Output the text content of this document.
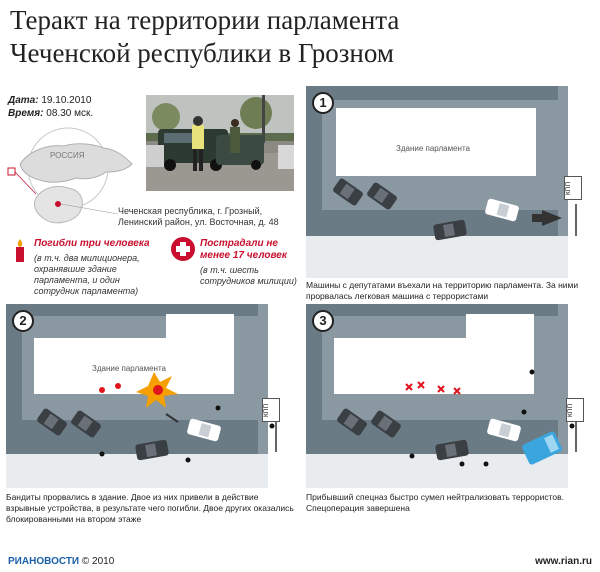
Теракт на территории парламента
Чеченской республики в Грозном
Дата: 19.10.2010
Время: 08.30 мск.
РОССИЯ
Чеченская республика, г. Грозный, Ленинский район, ул. Восточная, д. 48
Погибли три человека
(в т.ч. два милиционера, охранявшие здание парламента, и один сотрудник парламента)
Пострадали не менее 17 человек
(в т.ч. шесть сотрудников милиции)
1
Здание парламента
КПП
Машины с депутатами въехали на территорию парламента. За ними прорвалась легковая машина с террористами
2
Здание парламента
КПП
Бандиты прорвались в здание. Двое из них привели в действие взрывные устройства, в результате чего погибли. Двое других оказались блокированными на втором этаже
3
КПП
Прибывший спецназ быстро сумел нейтрализовать террористов. Спецоперация завершена
РИАНОВОСТИ © 2010	www.rian.ru
